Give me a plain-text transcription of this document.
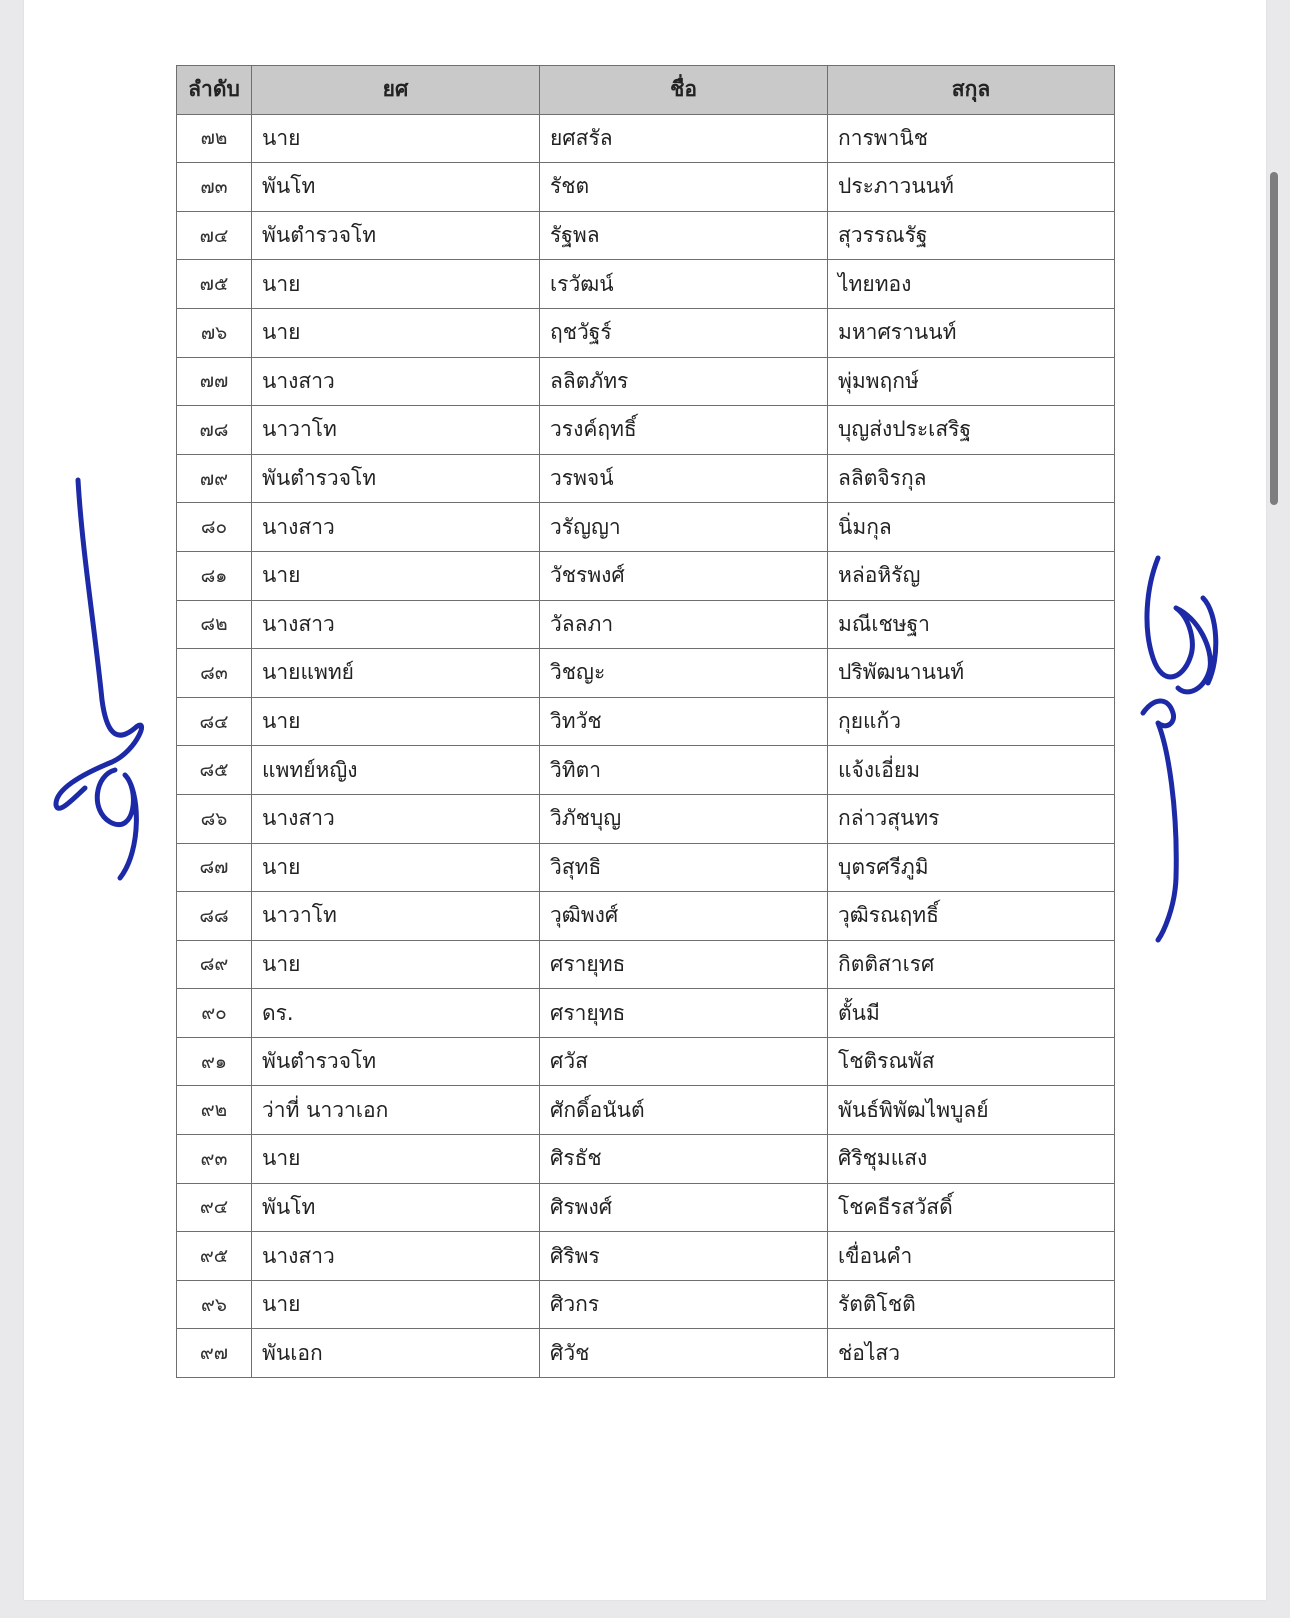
ลำดับ	ยศ	ชื่อ	สกุล
๗๒	นาย	ยศสรัล	การพานิช
๗๓	พันโท	รัชต	ประภาวนนท์
๗๔	พันตำรวจโท	รัฐพล	สุวรรณรัฐ
๗๕	นาย	เรวัฒน์	ไทยทอง
๗๖	นาย	ฤชวัฐร์	มหาศรานนท์
๗๗	นางสาว	ลลิตภัทร	พุ่มพฤกษ์
๗๘	นาวาโท	วรงค์ฤทธิ์	บุญส่งประเสริฐ
๗๙	พันตำรวจโท	วรพจน์	ลลิตจิรกุล
๘๐	นางสาว	วรัญญา	นิ่มกุล
๘๑	นาย	วัชรพงศ์	หล่อหิรัญ
๘๒	นางสาว	วัลลภา	มณีเชษฐา
๘๓	นายแพทย์	วิชญะ	ปริพัฒนานนท์
๘๔	นาย	วิทวัช	กุยแก้ว
๘๕	แพทย์หญิง	วิทิตา	แจ้งเอี่ยม
๘๖	นางสาว	วิภัชบุญ	กล่าวสุนทร
๘๗	นาย	วิสุทธิ	บุตรศรีภูมิ
๘๘	นาวาโท	วุฒิพงศ์	วุฒิรณฤทธิ์
๘๙	นาย	ศรายุทธ	กิตติสาเรศ
๙๐	ดร.	ศรายุทธ	ตั้นมี
๙๑	พันตำรวจโท	ศวัส	โชติรณพัส
๙๒	ว่าที่ นาวาเอก	ศักดิ์อนันต์	พันธ์พิพัฒไพบูลย์
๙๓	นาย	ศิรธัช	ศิริชุมแสง
๙๔	พันโท	ศิรพงศ์	โชคธีรสวัสดิ์
๙๕	นางสาว	ศิริพร	เขื่อนคำ
๙๖	นาย	ศิวกร	รัตติโชติ
๙๗	พันเอก	ศิวัช	ช่อไสว
